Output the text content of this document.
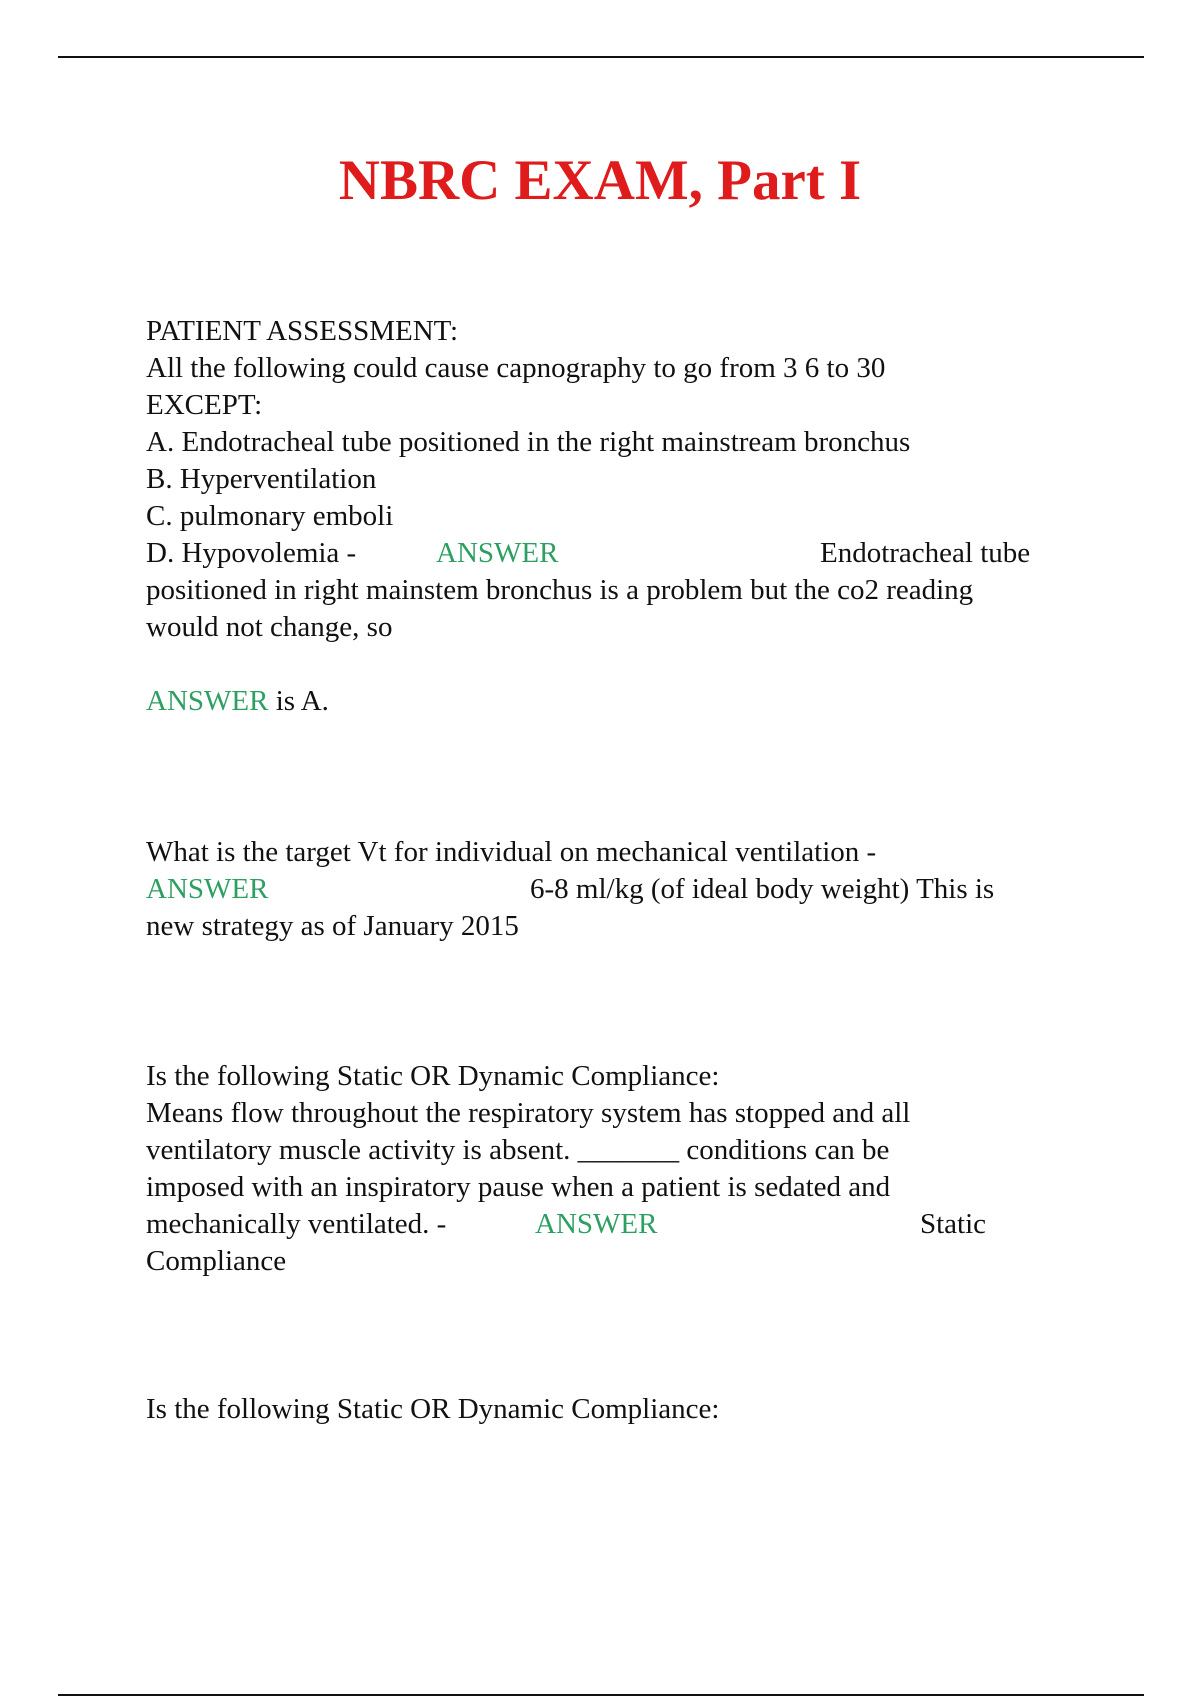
NBRC EXAM, Part I
PATIENT ASSESSMENT:
All the following could cause capnography to go from 3 6 to 30
EXCEPT:
A. Endotracheal tube positioned in the right mainstream bronchus
B. Hyperventilation
C. pulmonary emboli
D. Hypovolemia -	ANSWER	Endotracheal tube
positioned in right mainstem bronchus is a problem but the co2 reading
would not change, so
ANSWER is A.
What is the target Vt for individual on mechanical ventilation -
ANSWER	6-8 ml/kg (of ideal body weight) This is
new strategy as of January 2015
Is the following Static OR Dynamic Compliance:
Means flow throughout the respiratory system has stopped and all
ventilatory muscle activity is absent. _______ conditions can be
imposed with an inspiratory pause when a patient is sedated and
mechanically ventilated. -	ANSWER	Static
Compliance
Is the following Static OR Dynamic Compliance:
